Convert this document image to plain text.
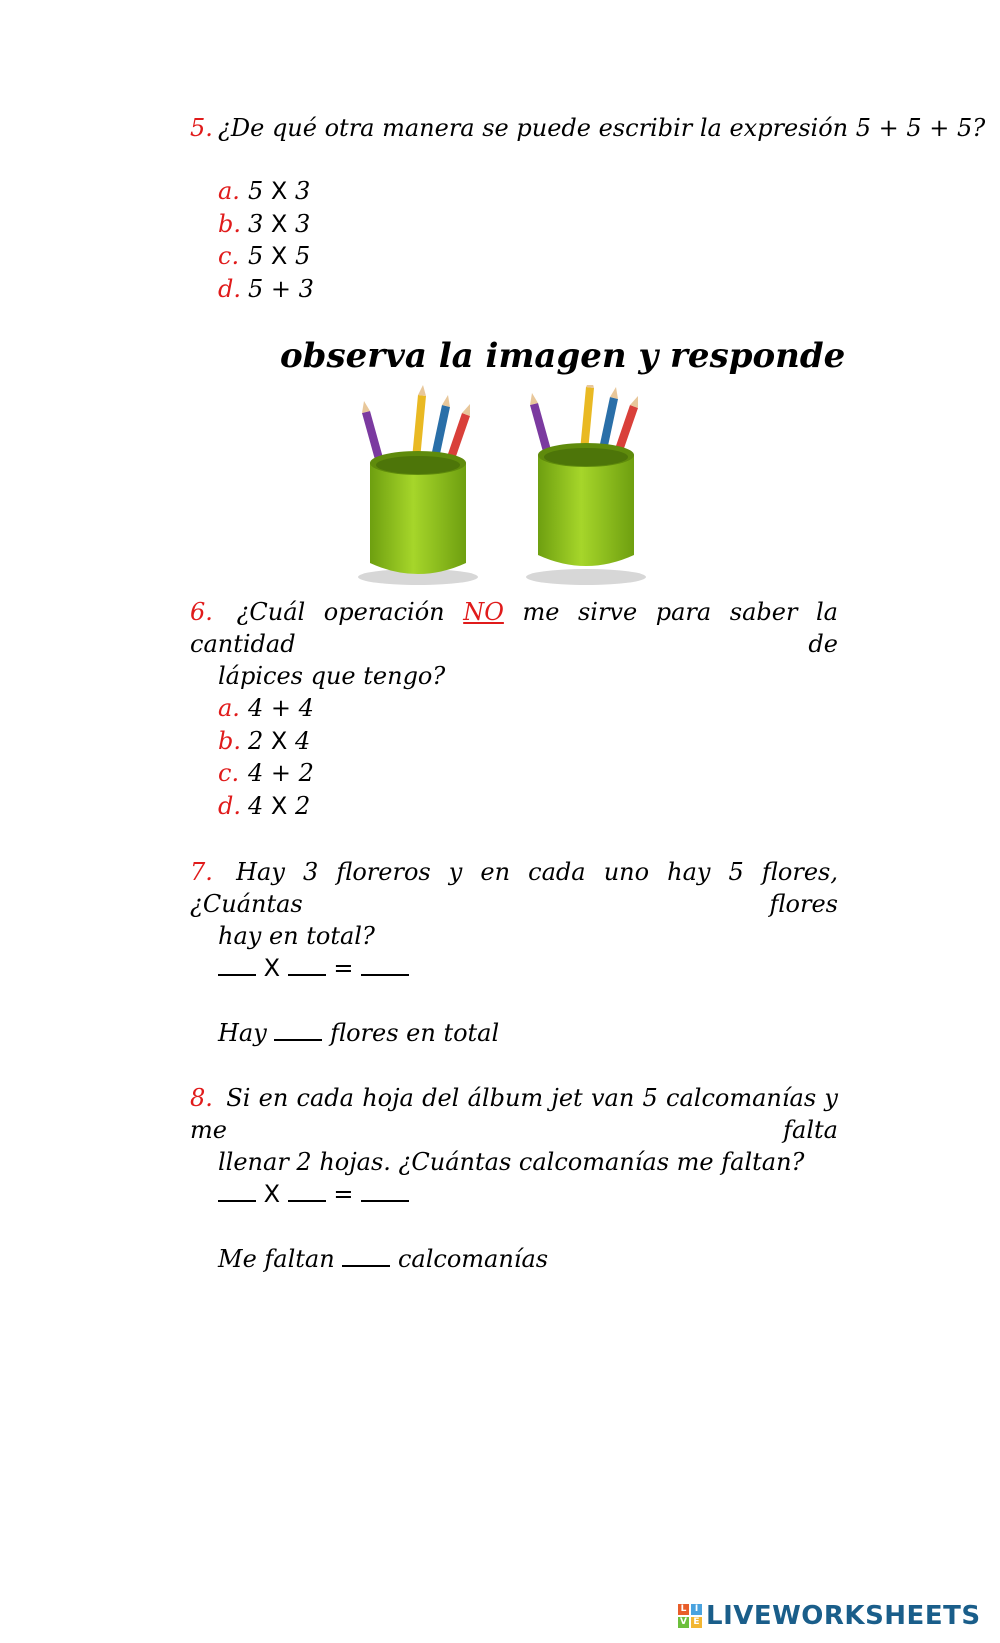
5. ¿De qué otra manera se puede escribir la expresión 5 + 5 + 5?
a. 5 X 3
b. 3 X 3
c. 5 X 5
d. 5 + 3
observa la imagen y responde
6. ¿Cuál operación NO me sirve para saber la cantidad de
lápices que tengo?
a. 4 + 4
b. 2 X 4
c. 4 + 2
d. 4 X 2
7. Hay 3 floreros y en cada uno hay 5 flores, ¿Cuántas flores
hay en total?
X =
Hay	flores en total
8. Si en cada hoja del álbum jet van 5 calcomanías y me falta
llenar 2 hojas. ¿Cuántas calcomanías me faltan?
X =
Me faltan	calcomanías
L I
V E LIVEWORKSHEETS
